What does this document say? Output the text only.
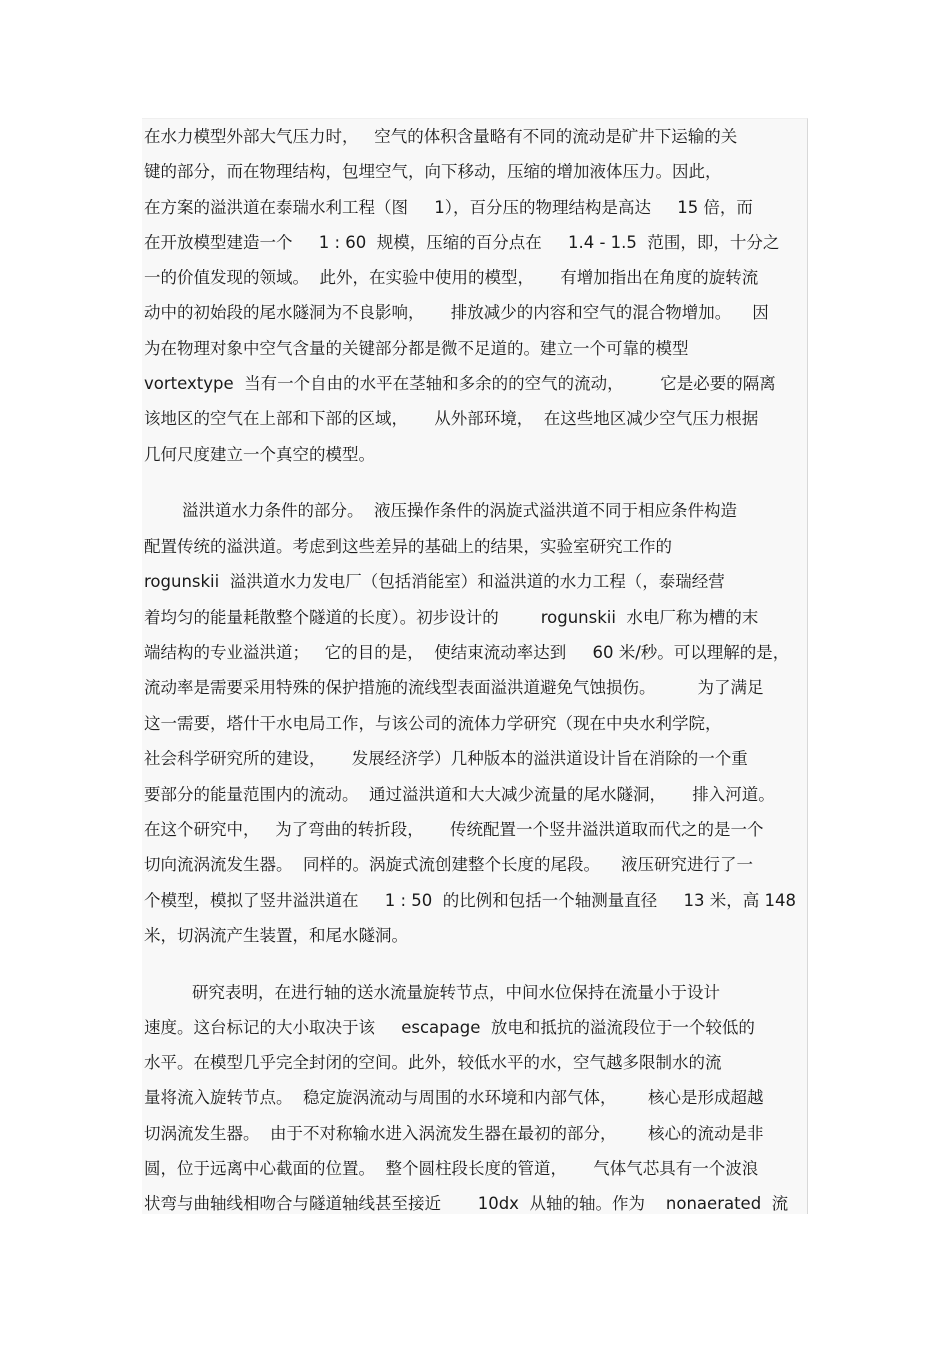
在水力模型外部大气压力时，   空气的体积含量略有不同的流动是矿井下运输的关
键的部分，而在物理结构，包埋空气，向下移动，压缩的增加液体压力。因此，
在方案的溢洪道在泰瑞水利工程（图     1），百分压的物理结构是高达     15 倍，而
在开放模型建造一个     1 : 60  规模，压缩的百分点在     1.4 - 1.5  范围，即，十分之
一的价值发现的领域。  此外，在实验中使用的模型，     有增加指出在角度的旋转流
动中的初始段的尾水隧洞为不良影响，     排放减少的内容和空气的混合物增加。    因
为在物理对象中空气含量的关键部分都是微不足道的。建立一个可靠的模型
vortextype  当有一个自由的水平在茎轴和多余的的空气的流动，       它是必要的隔离
该地区的空气在上部和下部的区域，     从外部环境，  在这些地区减少空气压力根据
几何尺度建立一个真空的模型。
溢洪道水力条件的部分。  液压操作条件的涡旋式溢洪道不同于相应条件构造
配置传统的溢洪道。考虑到这些差异的基础上的结果，实验室研究工作的
rogunskii  溢洪道水力发电厂（包括消能室）和溢洪道的水力工程（，泰瑞经营
着均匀的能量耗散整个隧道的长度）。初步设计的        rogunskii  水电厂称为槽的末
端结构的专业溢洪道；   它的目的是，  使结束流动率达到     60 米/秒。可以理解的是，
流动率是需要采用特殊的保护措施的流线型表面溢洪道避免气蚀损伤。        为了满足
这一需要，塔什干水电局工作，与该公司的流体力学研究（现在中央水利学院，
社会科学研究所的建设，     发展经济学）几种版本的溢洪道设计旨在消除的一个重
要部分的能量范围内的流动。  通过溢洪道和大大减少流量的尾水隧洞，     排入河道。
在这个研究中，   为了弯曲的转折段，     传统配置一个竖井溢洪道取而代之的是一个
切向流涡流发生器。  同样的。涡旋式流创建整个长度的尾段。    液压研究进行了一
个模型，模拟了竖井溢洪道在     1 : 50  的比例和包括一个轴测量直径     13 米，高 148
米，切涡流产生装置，和尾水隧洞。
研究表明，在进行轴的送水流量旋转节点，中间水位保持在流量小于设计
速度。这台标记的大小取决于该     escapage  放电和抵抗的溢流段位于一个较低的
水平。在模型几乎完全封闭的空间。此外，较低水平的水，空气越多限制水的流
量将流入旋转节点。  稳定旋涡流动与周围的水环境和内部气体，      核心是形成超越
切涡流发生器。  由于不对称输水进入涡流发生器在最初的部分，      核心的流动是非
圆，位于远离中心截面的位置。  整个圆柱段长度的管道，     气体气芯具有一个波浪
状弯与曲轴线相吻合与隧道轴线甚至接近       10dx  从轴的轴。作为    nonaerated  流
